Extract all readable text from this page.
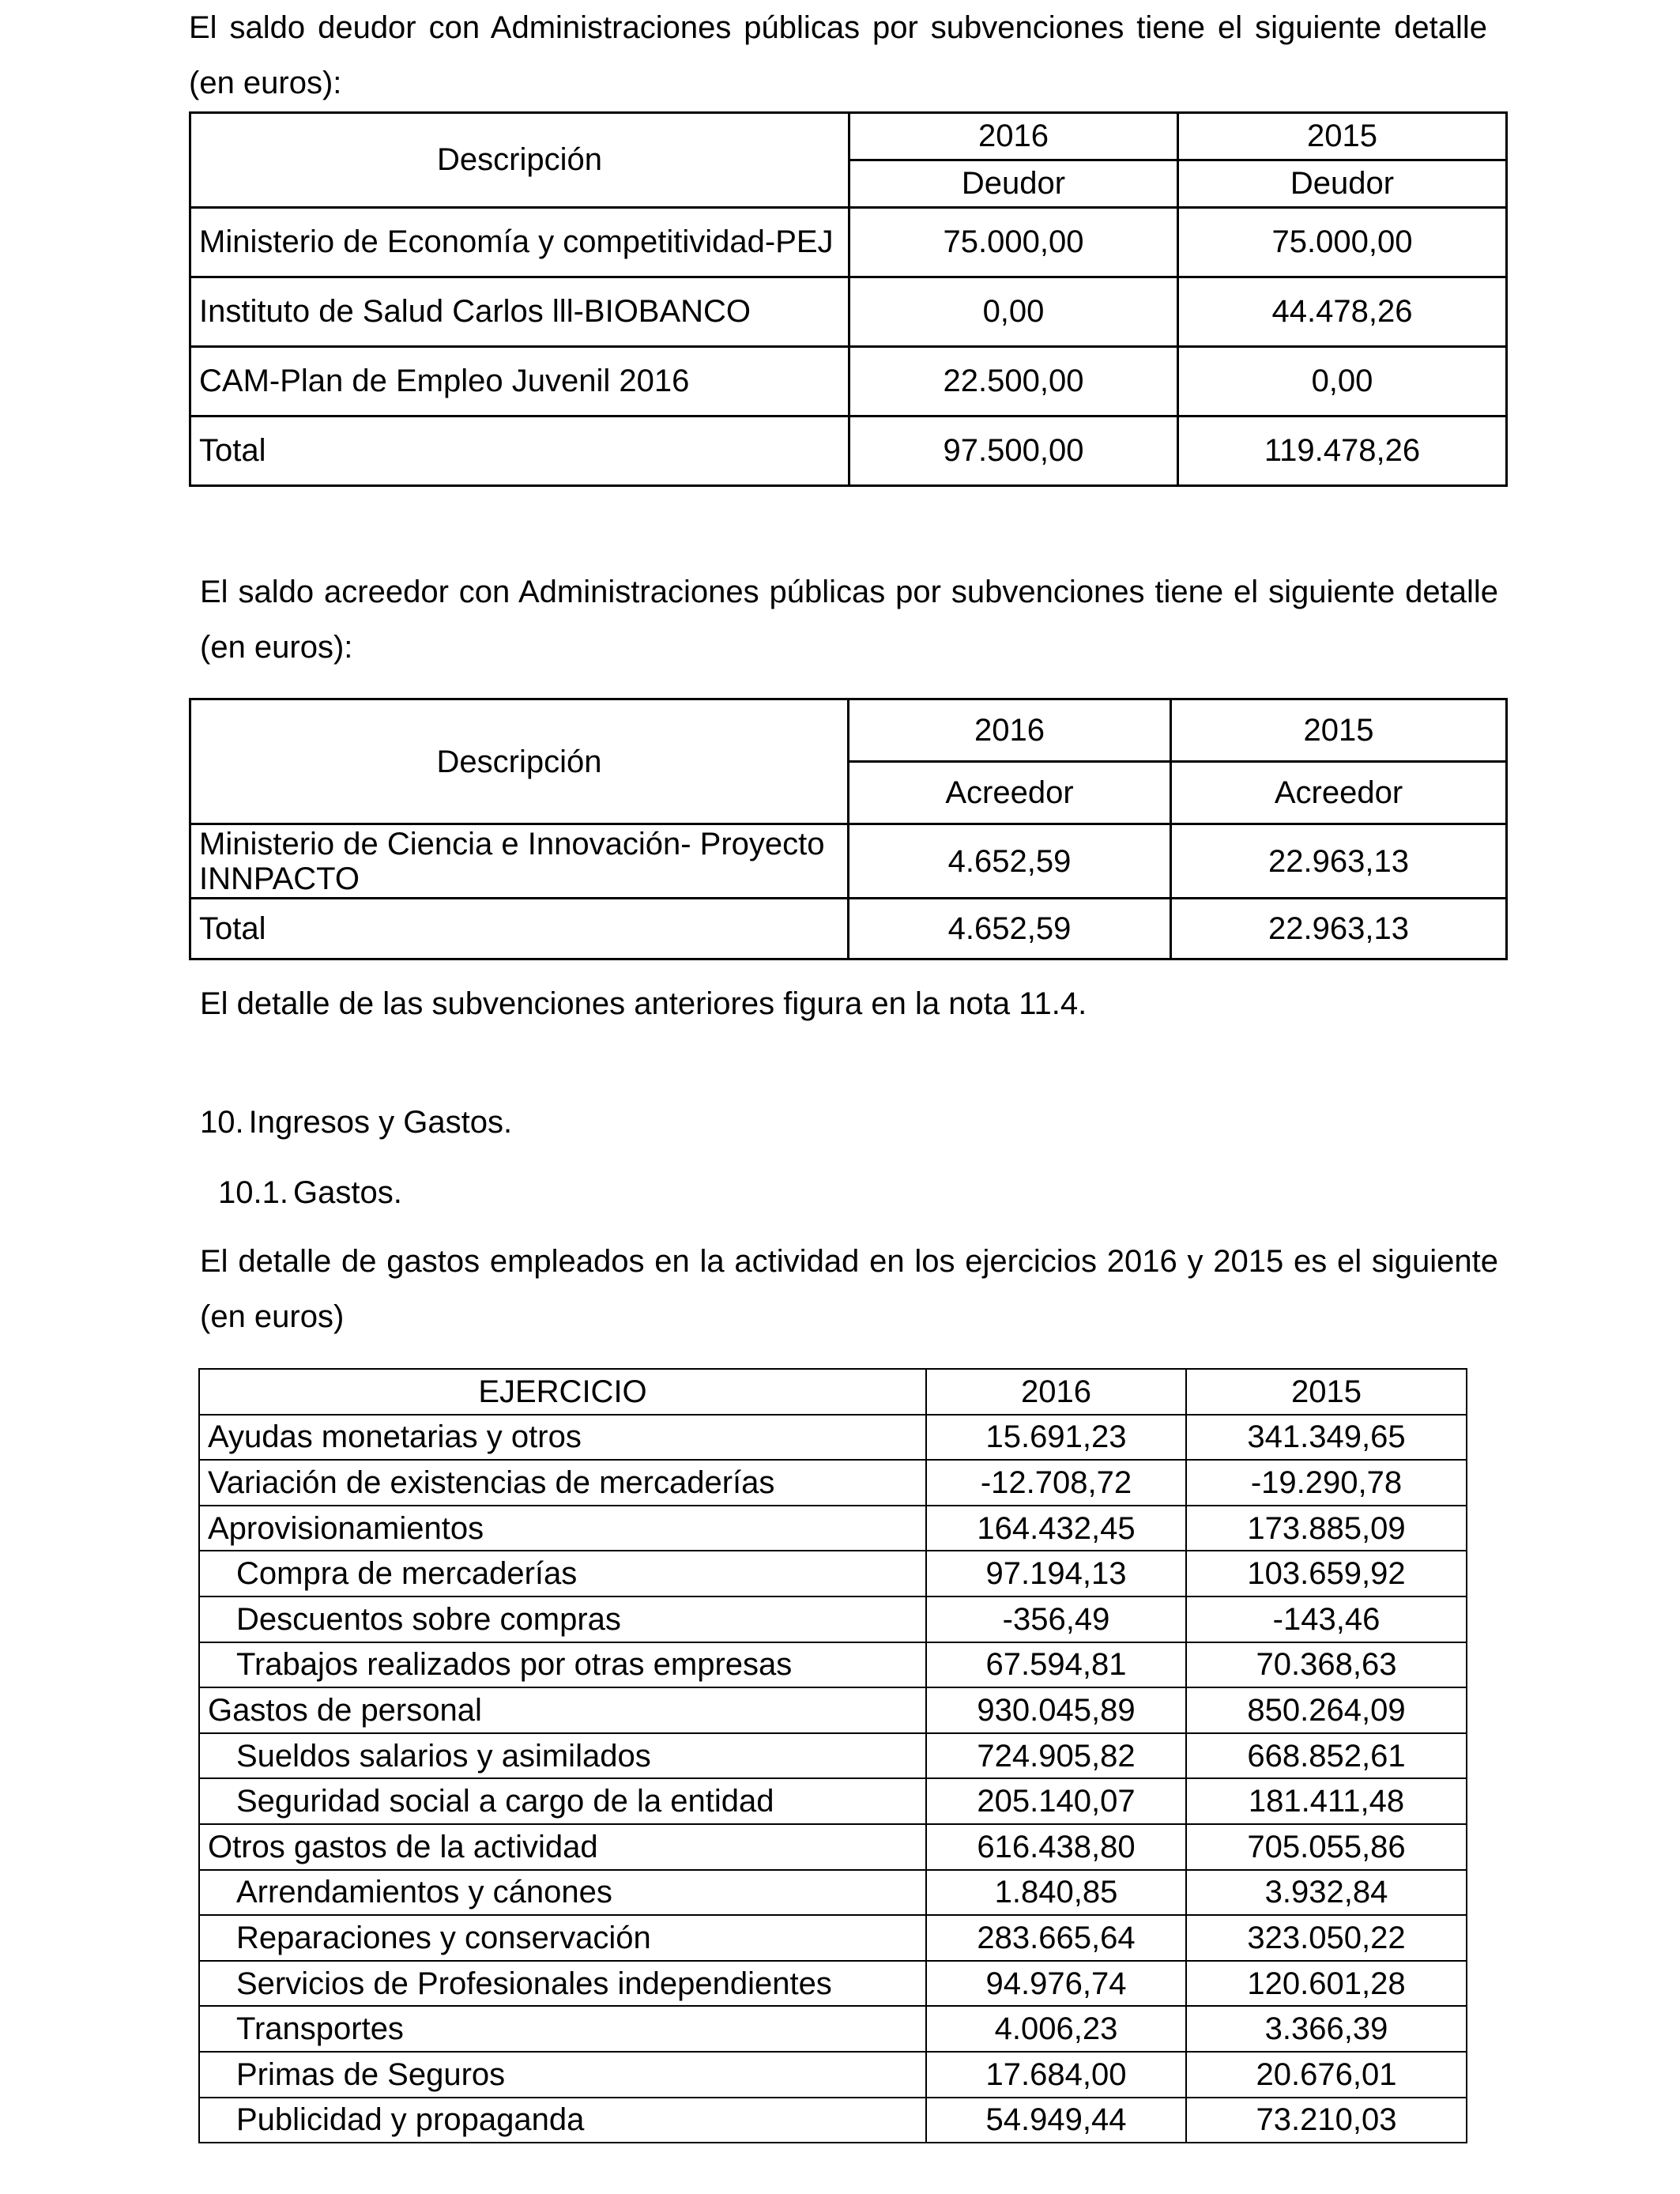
El saldo deudor con Administraciones públicas por subvenciones tiene el siguiente detalle
(en euros):
Descripción	2016	2015
	Deudor	Deudor
Ministerio de Economía y competitividad-PEJ	75.000,00	75.000,00
Instituto de Salud Carlos lll-BIOBANCO	0,00	44.478,26
CAM-Plan de Empleo Juvenil 2016	22.500,00	0,00
Total	97.500,00	119.478,26
El saldo acreedor con Administraciones públicas por subvenciones tiene el siguiente detalle
(en euros):
Descripción	2016	2015
	Acreedor	Acreedor

Ministerio de Ciencia e Innovación- Proyecto
INNPACTO	4.652,59	22.963,13
Total	4.652,59	22.963,13
El detalle de las subvenciones anteriores figura en la nota 11.4.
10. Ingresos y Gastos.
10.1. Gastos.
El detalle de gastos empleados en la actividad en los ejercicios 2016 y 2015 es el siguiente
(en euros)
EJERCICIO	2016	2015
Ayudas monetarias y otros	15.691,23	341.349,65
Variación de existencias de mercaderías	-12.708,72	-19.290,78
Aprovisionamientos	164.432,45	173.885,09
Compra de mercaderías	97.194,13	103.659,92
Descuentos sobre compras	-356,49	-143,46
Trabajos realizados por otras empresas	67.594,81	70.368,63
Gastos de personal	930.045,89	850.264,09
Sueldos salarios y asimilados	724.905,82	668.852,61
Seguridad social a cargo de la entidad	205.140,07	181.411,48
Otros gastos de la actividad	616.438,80	705.055,86
Arrendamientos y cánones	1.840,85	3.932,84
Reparaciones y conservación	283.665,64	323.050,22
Servicios de Profesionales independientes	94.976,74	120.601,28
Transportes	4.006,23	3.366,39
Primas de Seguros	17.684,00	20.676,01
Publicidad y propaganda	54.949,44	73.210,03
